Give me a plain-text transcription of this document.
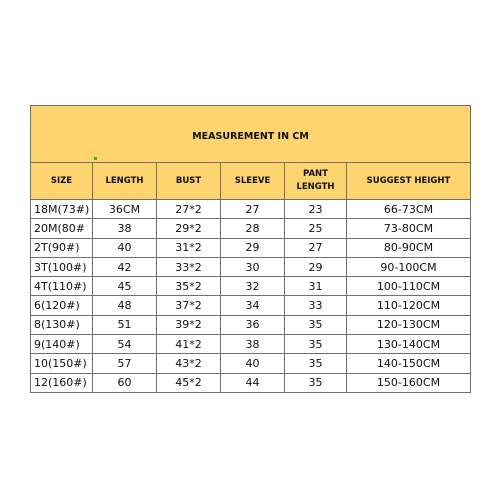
MEASUREMENT IN CM					
SIZE	LENGTH	BUST	SLEEVE	PANT LENGTH	SUGGEST HEIGHT
18M(73#)	36CM	27*2	27	23	66-73CM
20M(80#	38	29*2	28	25	73-80CM
2T(90#)	40	31*2	29	27	80-90CM
3T(100#)	42	33*2	30	29	90-100CM
4T(110#)	45	35*2	32	31	100-110CM
6(120#)	48	37*2	34	33	110-120CM
8(130#)	51	39*2	36	35	120-130CM
9(140#)	54	41*2	38	35	130-140CM
10(150#)	57	43*2	40	35	140-150CM
12(160#)	60	45*2	44	35	150-160CM
